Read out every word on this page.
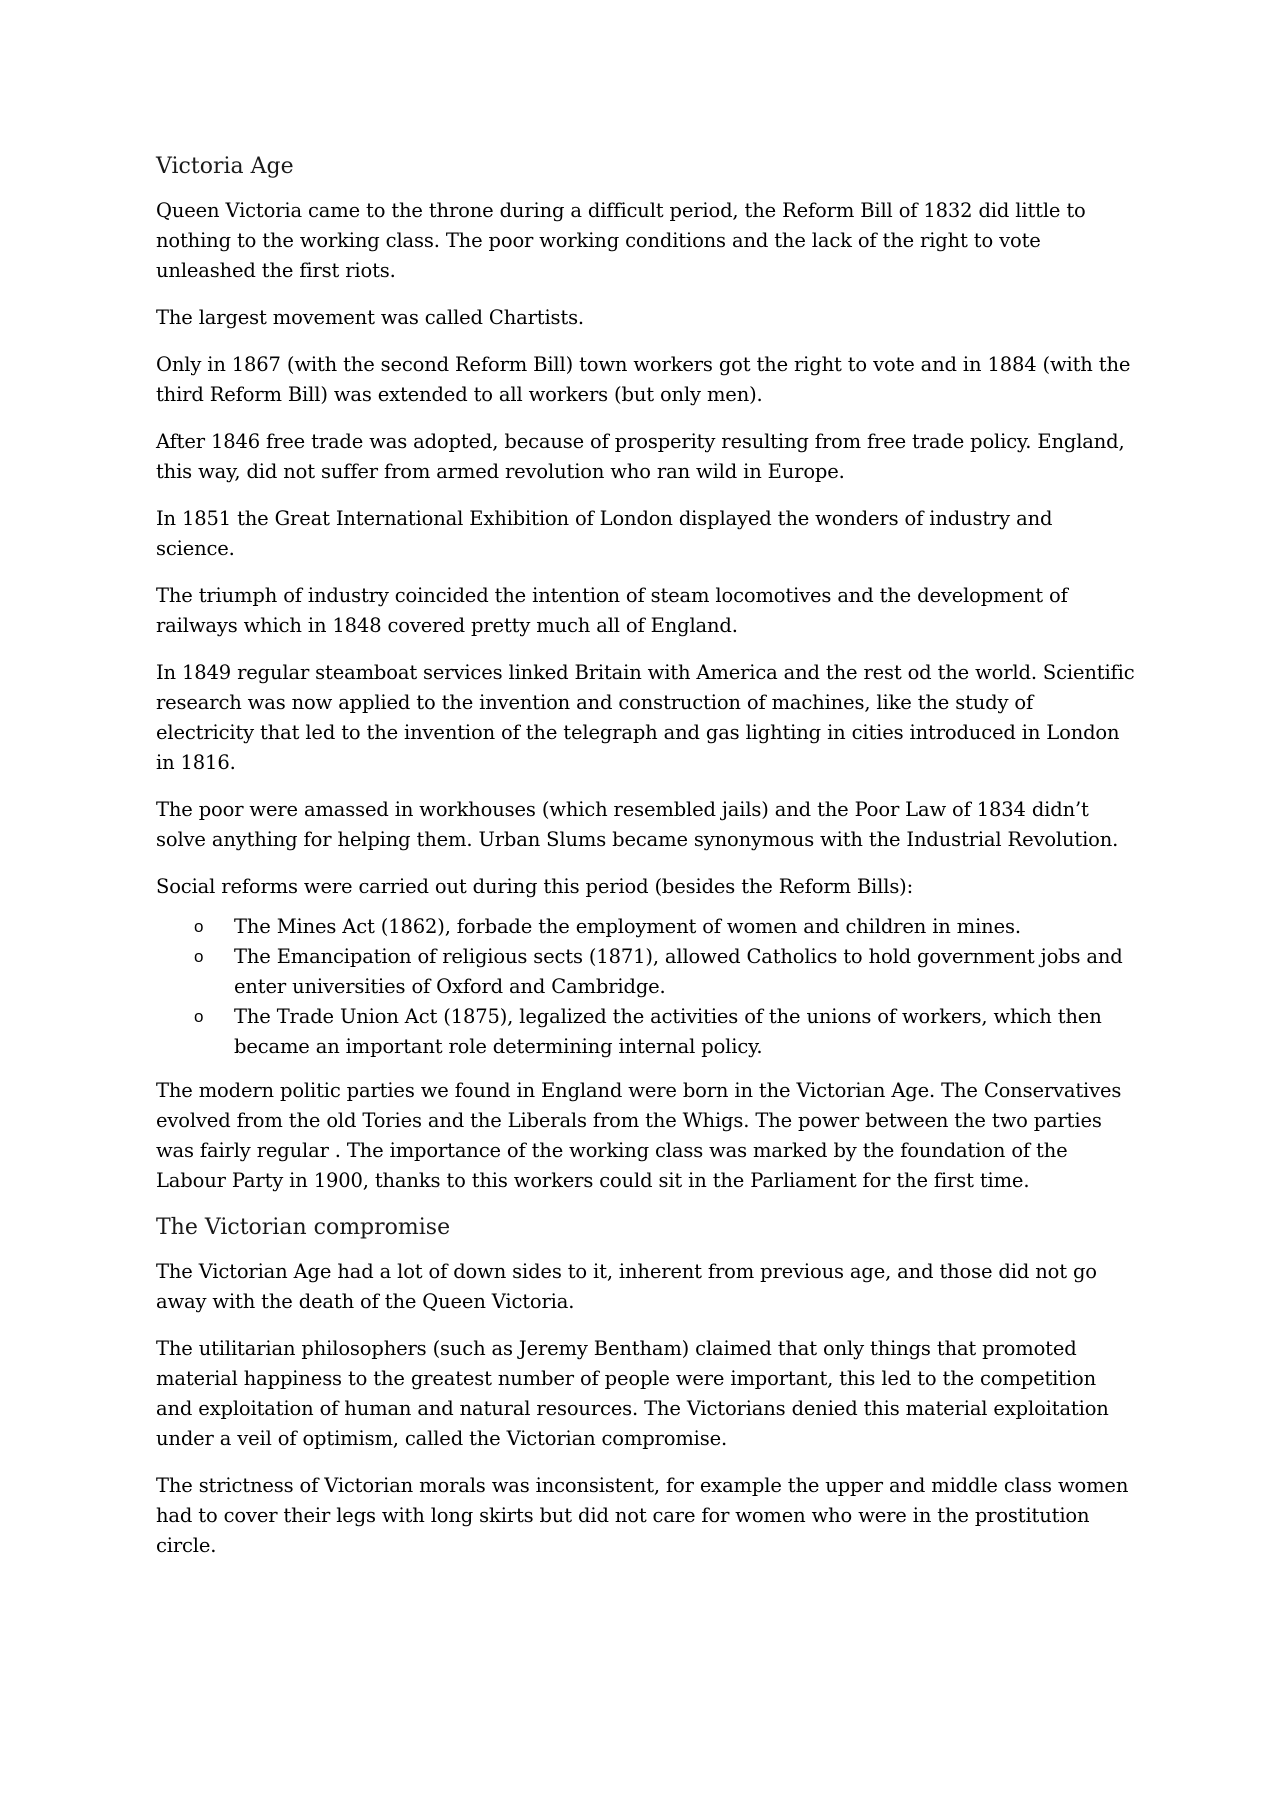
Victoria Age

Queen Victoria came to the throne during a difficult period, the Reform Bill of 1832 did little to nothing to the working class. The poor working conditions and the lack of the right to vote unleashed the first riots.

The largest movement was called Chartists.

Only in 1867 (with the second Reform Bill) town workers got the right to vote and in 1884 (with the third Reform Bill) was extended to all workers (but only men).

After 1846 free trade was adopted, because of prosperity resulting from free trade policy. England, this way, did not suffer from armed revolution who ran wild in Europe.

In 1851 the Great International Exhibition of London displayed the wonders of industry and science.

The triumph of industry coincided the intention of steam locomotives and the development of railways which in 1848 covered pretty much all of England.

In 1849 regular steamboat services linked Britain with America and the rest od the world. Scientific research was now applied to the invention and construction of machines, like the study of electricity that led to the invention of the telegraph and gas lighting in cities introduced in London in 1816.

The poor were amassed in workhouses (which resembled jails) and the Poor Law of 1834 didn’t solve anything for helping them. Urban Slums became synonymous with the Industrial Revolution.

Social reforms were carried out during this period (besides the Reform Bills):

o The Mines Act (1862), forbade the employment of women and children in mines.
o The Emancipation of religious sects (1871), allowed Catholics to hold government jobs and enter universities of Oxford and Cambridge.
o The Trade Union Act (1875), legalized the activities of the unions of workers, which then became an important role determining internal policy.

The modern politic parties we found in England were born in the Victorian Age. The Conservatives evolved from the old Tories and the Liberals from the Whigs. The power between the two parties was fairly regular . The importance of the working class was marked by the foundation of the Labour Party in 1900, thanks to this workers could sit in the Parliament for the first time.

The Victorian compromise

The Victorian Age had a lot of down sides to it, inherent from previous age, and those did not go away with the death of the Queen Victoria.

The utilitarian philosophers (such as Jeremy Bentham) claimed that only things that promoted material happiness to the greatest number of people were important, this led to the competition and exploitation of human and natural resources. The Victorians denied this material exploitation under a veil of optimism, called the Victorian compromise.

The strictness of Victorian morals was inconsistent, for example the upper and middle class women had to cover their legs with long skirts but did not care for women who were in the prostitution circle.
